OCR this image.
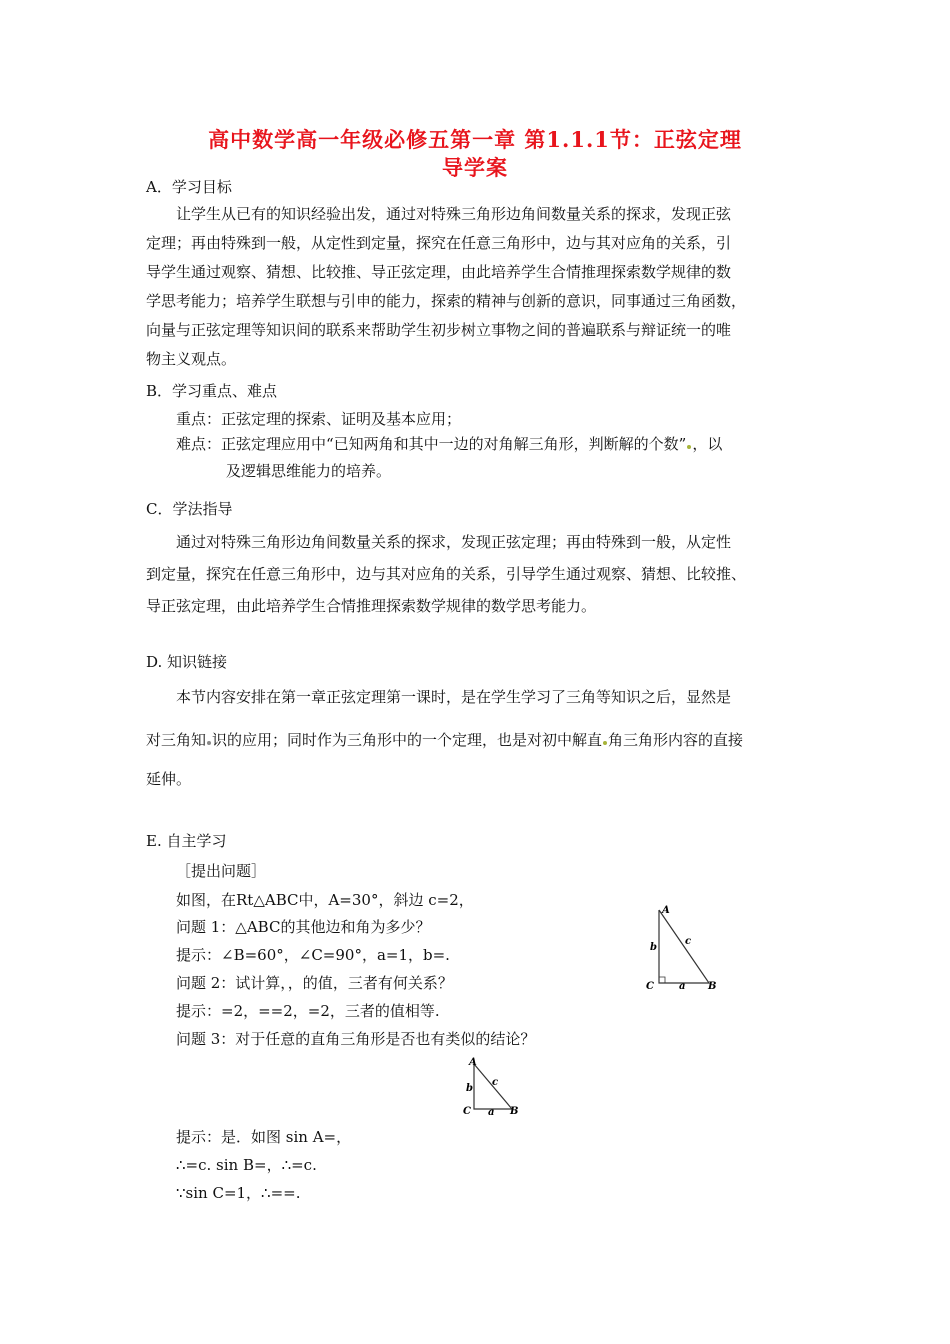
高中数学高一年级必修五第一章 第1.1.1节：正弦定理
导学案
A．学习目标
让学生从已有的知识经验出发，通过对特殊三角形边角间数量关系的探求，发现正弦
定理；再由特殊到一般，从定性到定量，探究在任意三角形中，边与其对应角的关系，引
导学生通过观察、猜想、比较推、导正弦定理，由此培养学生合情推理探索数学规律的数
学思考能力；培养学生联想与引申的能力，探索的精神与创新的意识，同事通过三角函数，
向量与正弦定理等知识间的联系来帮助学生初步树立事物之间的普遍联系与辩证统一的唯
物主义观点。
B．学习重点、难点
重点：正弦定理的探索、证明及基本应用；
难点：正弦定理应用中“已知两角和其中一边的对角解三角形，判断解的个数” ，以
及逻辑思维能力的培养。
C．学法指导
通过对特殊三角形边角间数量关系的探求，发现正弦定理；再由特殊到一般，从定性
到定量，探究在任意三角形中，边与其对应角的关系，引导学生通过观察、猜想、比较推、
导正弦定理，由此培养学生合情推理探索数学规律的数学思考能力。
D. 知识链接
本节内容安排在第一章正弦定理第一课时，是在学生学习了三角等知识之后，显然是
对三角知 识的应用；同时作为三角形中的一个定理，也是对初中解直 角三角形内容的直接
延伸。
E. 自主学习
［提出问题］
如图，在Rt△ABC中，A=30°，斜边 c=2，
问题 1：△ABC的其他边和角为多少？
提示：∠B=60°，∠C=90°，a=1，b=.
问题 2：试计算，，的值，三者有何关系？
提示：=2，==2，=2，三者的值相等.
问题 3：对于任意的直角三角形是否也有类似的结论？
A
C	B
b
c
a
A
C	B
b
c
a
提示：是．如图 sin A=，
∴=c. sin B=，∴=c.
∵sin C=1，∴==.
